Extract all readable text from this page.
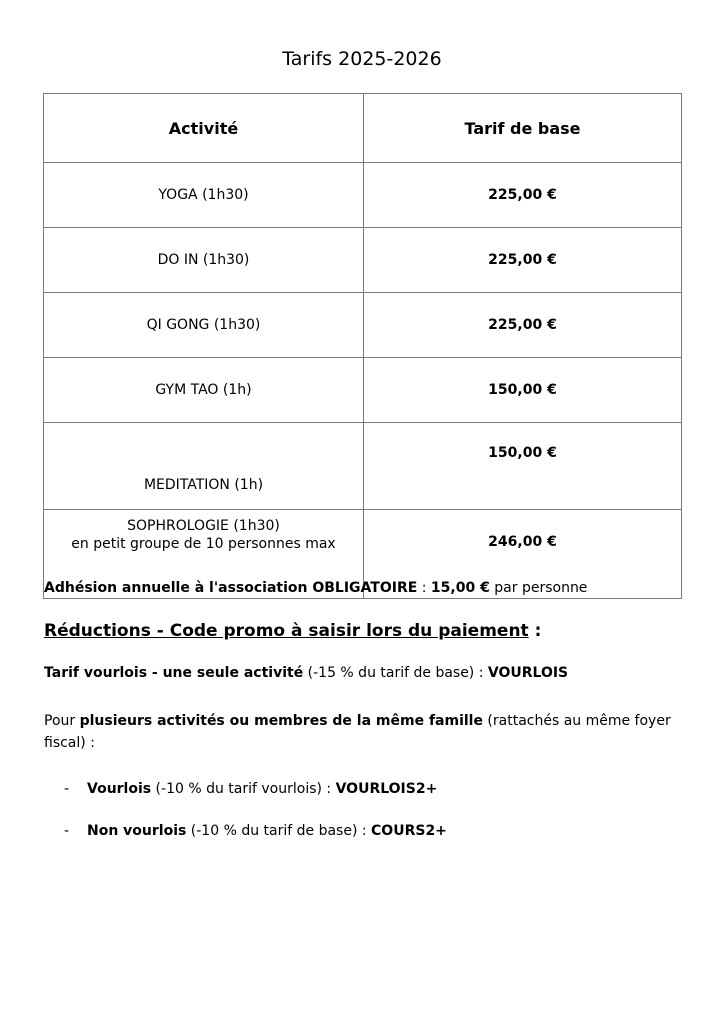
Tarifs 2025-2026
Activité	Tarif de base
YOGA (1h30)	225,00 €
DO IN (1h30)	225,00 €
QI GONG (1h30)	225,00 €
GYM TAO (1h)	150,00 €
MEDITATION (1h)	150,00 €
SOPHROLOGIE (1h30)
en petit groupe de 10 personnes max	246,00 €
Adhésion annuelle à l'association OBLIGATOIRE : 15,00 € par personne
Réductions - Code promo à saisir lors du paiement :
Tarif vourlois - une seule activité (-15 % du tarif de base) : VOURLOIS
Pour plusieurs activités ou membres de la même famille (rattachés au même foyer fiscal) :
- Vourlois (-10 % du tarif vourlois) : VOURLOIS2+
- Non vourlois (-10 % du tarif de base) : COURS2+
